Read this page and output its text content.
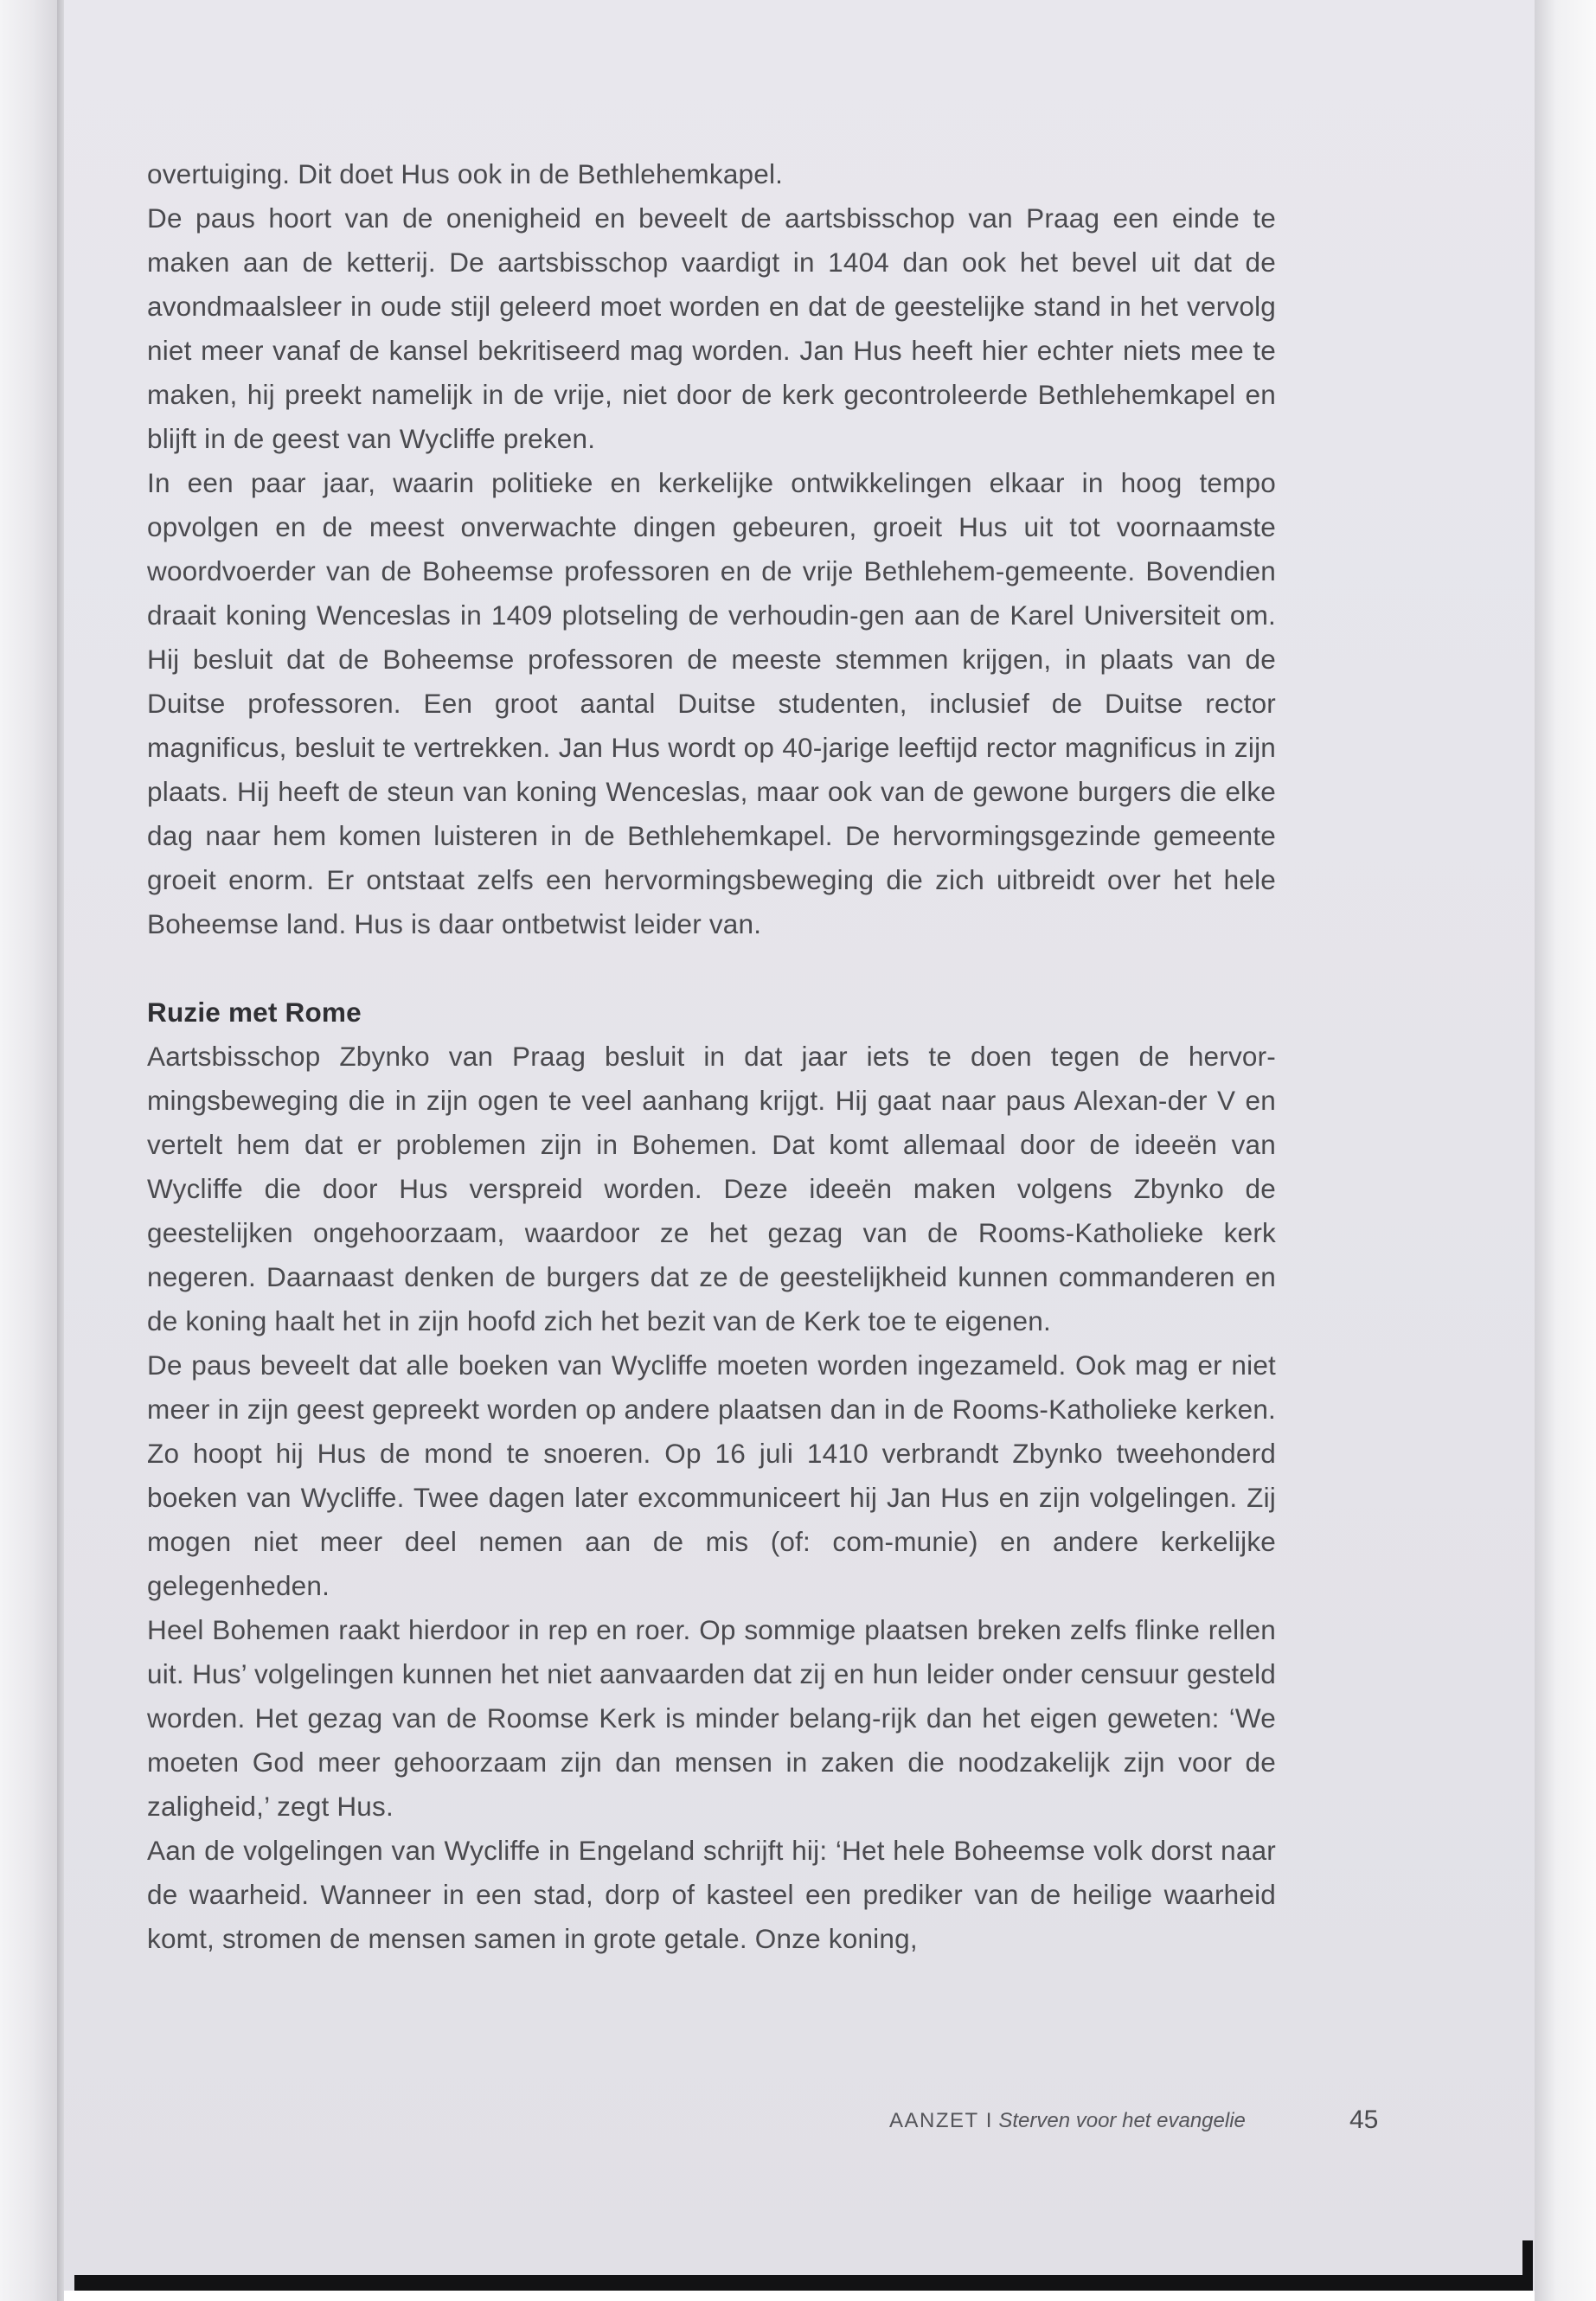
overtuiging. Dit doet Hus ook in de Bethlehemkapel.

De paus hoort van de onenigheid en beveelt de aartsbisschop van Praag een einde te maken aan de ketterij. De aartsbisschop vaardigt in 1404 dan ook het bevel uit dat de avondmaalsleer in oude stijl geleerd moet worden en dat de geestelijke stand in het vervolg niet meer vanaf de kansel bekritiseerd mag worden. Jan Hus heeft hier echter niets mee te maken, hij preekt namelijk in de vrije, niet door de kerk gecontroleerde Bethlehemkapel en blijft in de geest van Wycliffe preken.

In een paar jaar, waarin politieke en kerkelijke ontwikkelingen elkaar in hoog tempo opvolgen en de meest onverwachte dingen gebeuren, groeit Hus uit tot voornaamste woordvoerder van de Boheemse professoren en de vrije Bethlehem-gemeente. Bovendien draait koning Wenceslas in 1409 plotseling de verhoudin-gen aan de Karel Universiteit om. Hij besluit dat de Boheemse professoren de meeste stemmen krijgen, in plaats van de Duitse professoren. Een groot aantal Duitse studenten, inclusief de Duitse rector magnificus, besluit te vertrekken. Jan Hus wordt op 40-jarige leeftijd rector magnificus in zijn plaats. Hij heeft de steun van koning Wenceslas, maar ook van de gewone burgers die elke dag naar hem komen luisteren in de Bethlehemkapel. De hervormingsgezinde gemeente groeit enorm. Er ontstaat zelfs een hervormingsbeweging die zich uitbreidt over het hele Boheemse land. Hus is daar ontbetwist leider van.

Ruzie met Rome

Aartsbisschop Zbynko van Praag besluit in dat jaar iets te doen tegen de hervor-mingsbeweging die in zijn ogen te veel aanhang krijgt. Hij gaat naar paus Alexan-der V en vertelt hem dat er problemen zijn in Bohemen. Dat komt allemaal door de ideeën van Wycliffe die door Hus verspreid worden. Deze ideeën maken volgens Zbynko de geestelijken ongehoorzaam, waardoor ze het gezag van de Rooms-Katholieke kerk negeren. Daarnaast denken de burgers dat ze de geestelijkheid kunnen commanderen en de koning haalt het in zijn hoofd zich het bezit van de Kerk toe te eigenen.

De paus beveelt dat alle boeken van Wycliffe moeten worden ingezameld. Ook mag er niet meer in zijn geest gepreekt worden op andere plaatsen dan in de Rooms-Katholieke kerken. Zo hoopt hij Hus de mond te snoeren. Op 16 juli 1410 verbrandt Zbynko tweehonderd boeken van Wycliffe. Twee dagen later excommuniceert hij Jan Hus en zijn volgelingen. Zij mogen niet meer deel nemen aan de mis (of: com-munie) en andere kerkelijke gelegenheden.

Heel Bohemen raakt hierdoor in rep en roer. Op sommige plaatsen breken zelfs flinke rellen uit. Hus’ volgelingen kunnen het niet aanvaarden dat zij en hun leider onder censuur gesteld worden. Het gezag van de Roomse Kerk is minder belang-rijk dan het eigen geweten: ‘We moeten God meer gehoorzaam zijn dan mensen in zaken die noodzakelijk zijn voor de zaligheid,’ zegt Hus.

Aan de volgelingen van Wycliffe in Engeland schrijft hij: ‘Het hele Boheemse volk dorst naar de waarheid. Wanneer in een stad, dorp of kasteel een prediker van de heilige waarheid komt, stromen de mensen samen in grote getale. Onze koning,

AANZET I Sterven voor het evangelie	45
